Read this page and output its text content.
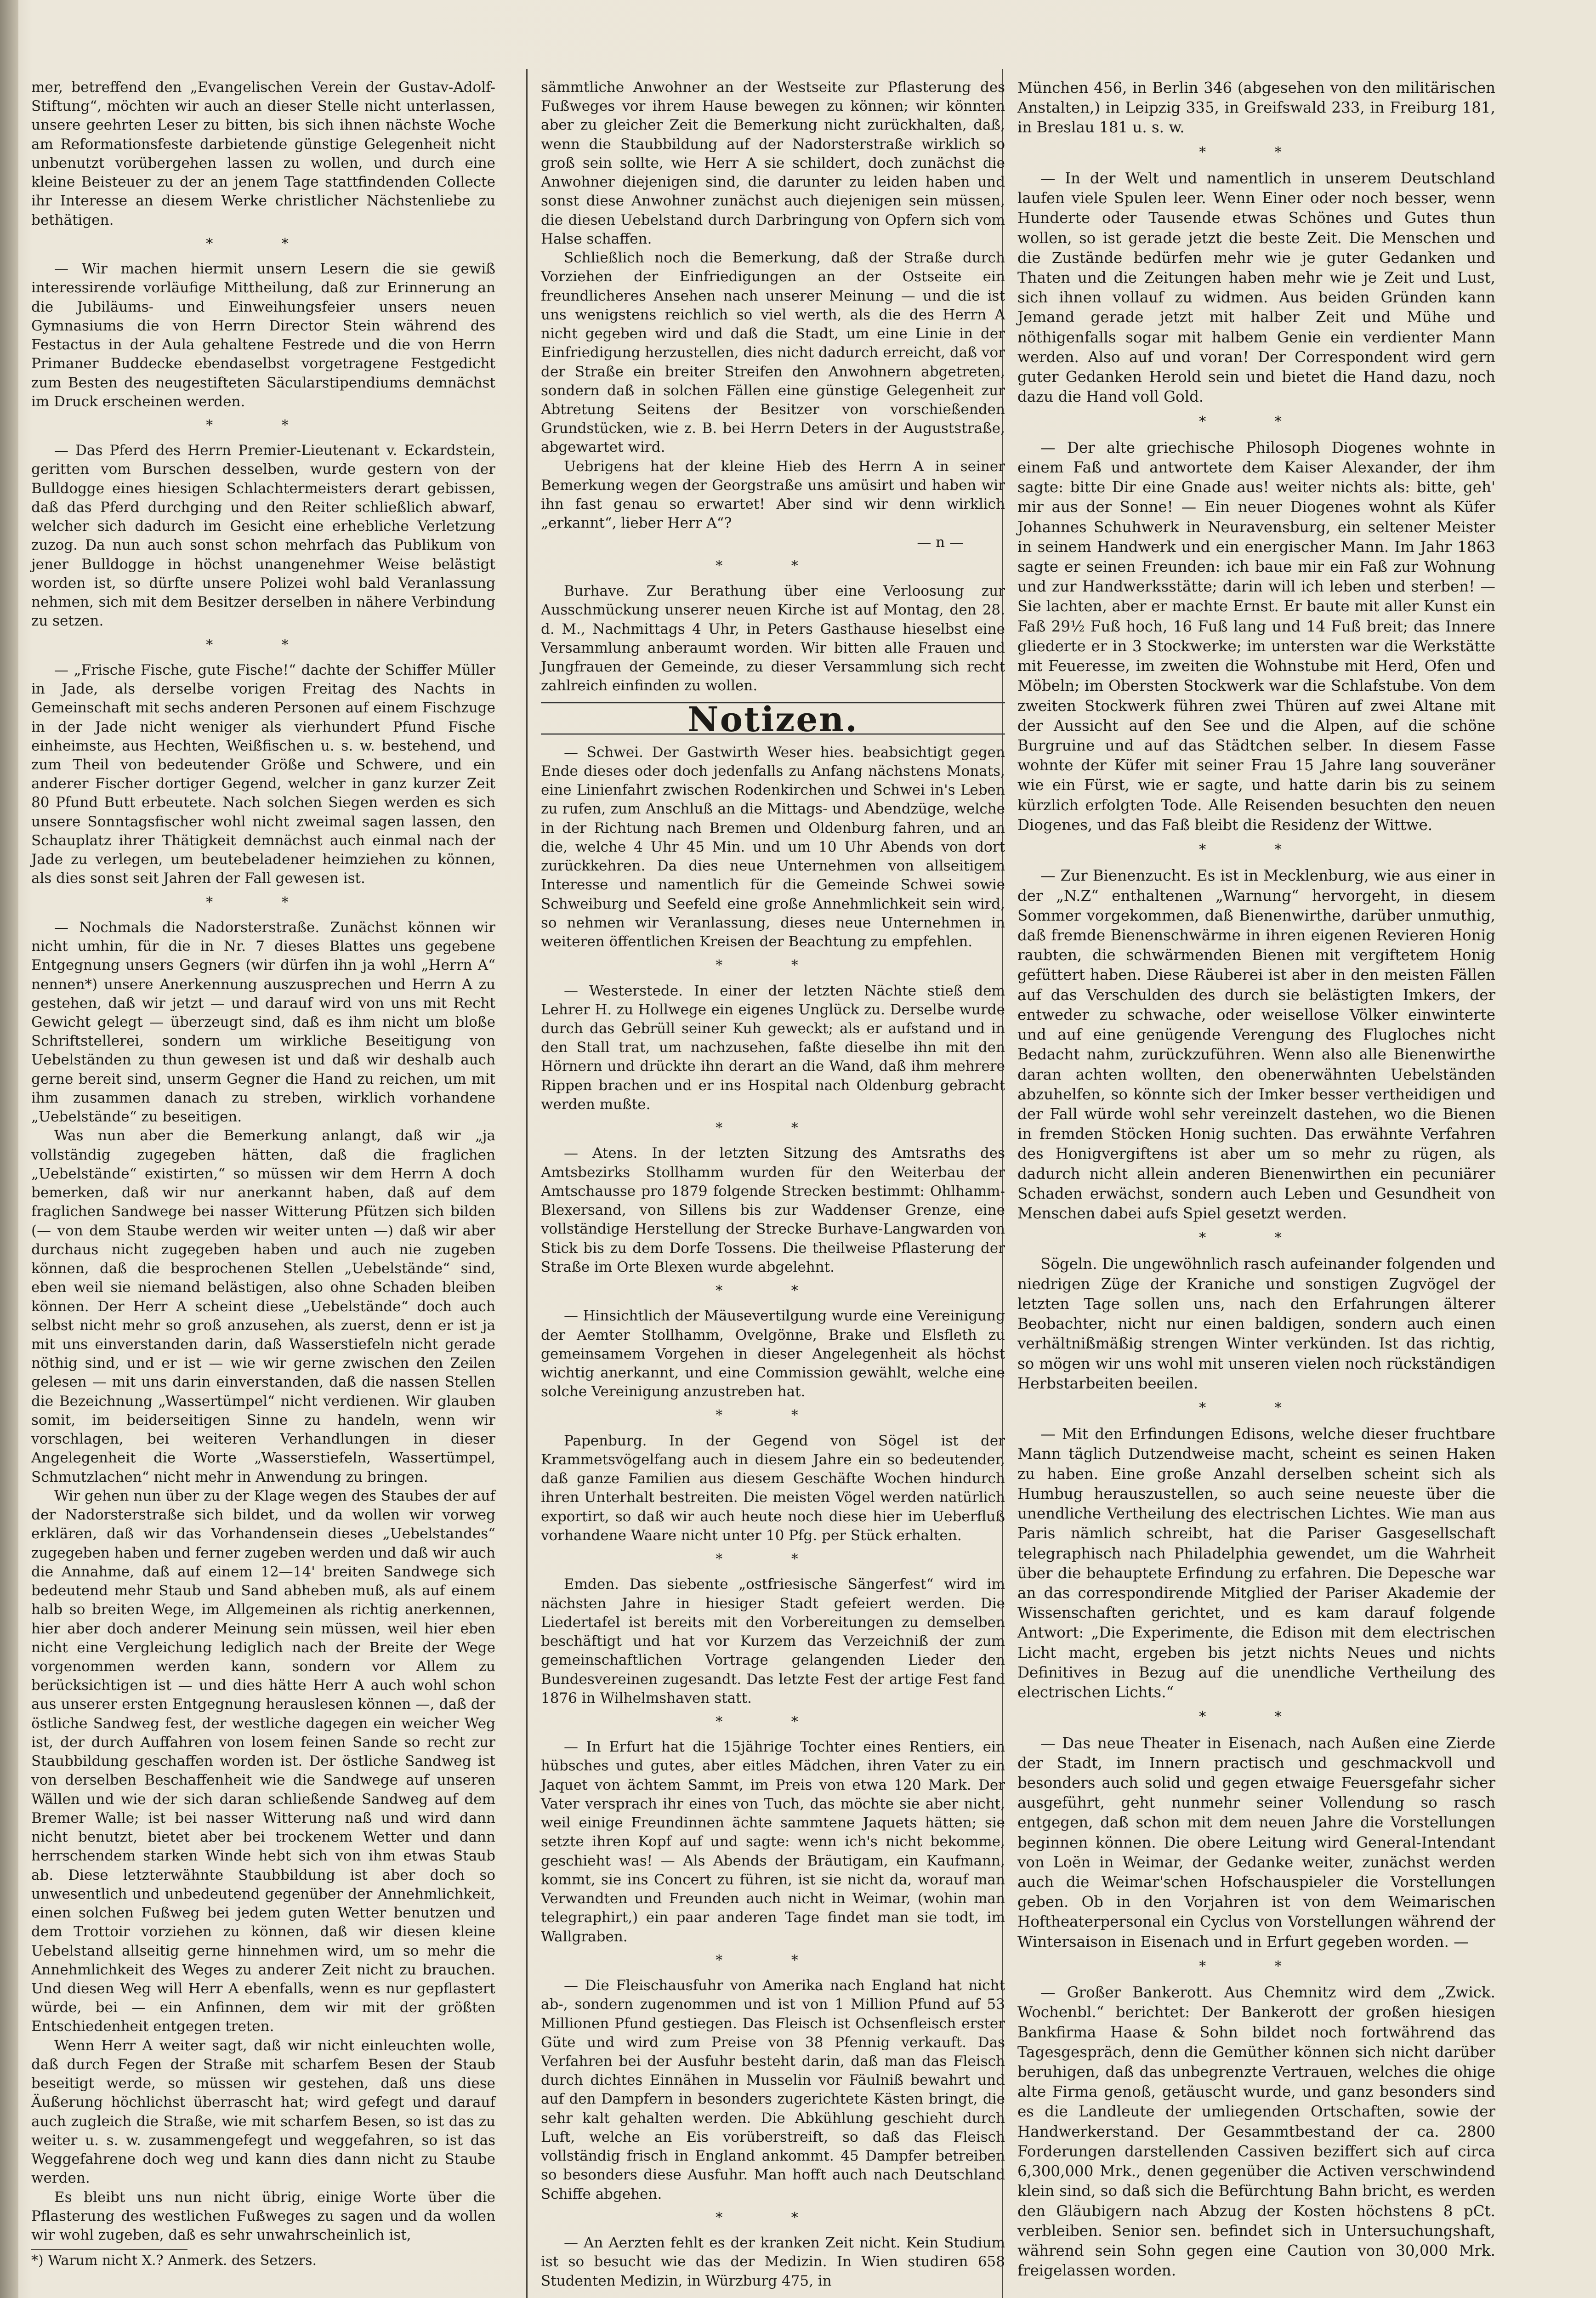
mer, betreffend den „Evangelischen Verein der Gustav-Adolf-Stiftung“, möchten wir auch an dieser Stelle nicht unterlassen, unsere geehrten Leser zu bitten, bis sich ihnen nächste Woche am Reformationsfeste darbietende günstige Gelegenheit nicht unbenutzt vorübergehen lassen zu wollen, und durch eine kleine Beisteuer zu der an jenem Tage stattfindenden Collecte ihr Interesse an diesem Werke christlicher Nächstenliebe zu bethätigen.

* *

— Wir machen hiermit unsern Lesern die sie gewiß interessirende vorläufige Mittheilung, daß zur Erinnerung an die Jubiläums- und Einweihungsfeier unsers neuen Gymnasiums die von Herrn Director Stein während des Festactus in der Aula gehaltene Festrede und die von Herrn Primaner Buddecke ebendaselbst vorgetragene Festgedicht zum Besten des neugestifteten Säcularstipendiums demnächst im Druck erscheinen werden.

* *

— Das Pferd des Herrn Premier-Lieutenant v. Eckardstein, geritten vom Burschen desselben, wurde gestern von der Bulldogge eines hiesigen Schlachtermeisters derart gebissen, daß das Pferd durchging und den Reiter schließlich abwarf, welcher sich dadurch im Gesicht eine erhebliche Verletzung zuzog. Da nun auch sonst schon mehrfach das Publikum von jener Bulldogge in höchst unangenehmer Weise belästigt worden ist, so dürfte unsere Polizei wohl bald Veranlassung nehmen, sich mit dem Besitzer derselben in nähere Verbindung zu setzen.

* *

— „Frische Fische, gute Fische!“ dachte der Schiffer Müller in Jade, als derselbe vorigen Freitag des Nachts in Gemeinschaft mit sechs anderen Personen auf einem Fischzuge in der Jade nicht weniger als vierhundert Pfund Fische einheimste, aus Hechten, Weißfischen u. s. w. bestehend, und zum Theil von bedeutender Größe und Schwere, und ein anderer Fischer dortiger Gegend, welcher in ganz kurzer Zeit 80 Pfund Butt erbeutete. Nach solchen Siegen werden es sich unsere Sonntagsfischer wohl nicht zweimal sagen lassen, den Schauplatz ihrer Thätigkeit demnächst auch einmal nach der Jade zu verlegen, um beutebeladener heimziehen zu können, als dies sonst seit Jahren der Fall gewesen ist.

* *

— Nochmals die Nadorsterstraße. Zunächst können wir nicht umhin, für die in Nr. 7 dieses Blattes uns gegebene Entgegnung unsers Gegners (wir dürfen ihn ja wohl „Herrn A“ nennen*) unsere Anerkennung auszusprechen und Herrn A zu gestehen, daß wir jetzt — und darauf wird von uns mit Recht Gewicht gelegt — überzeugt sind, daß es ihm nicht um bloße Schriftstellerei, sondern um wirkliche Beseitigung von Uebelständen zu thun gewesen ist und daß wir deshalb auch gerne bereit sind, unserm Gegner die Hand zu reichen, um mit ihm zusammen danach zu streben, wirklich vorhandene „Uebelstände“ zu beseitigen.

Was nun aber die Bemerkung anlangt, daß wir „ja vollständig zugegeben hätten, daß die fraglichen „Uebelstände“ existirten,“ so müssen wir dem Herrn A doch bemerken, daß wir nur anerkannt haben, daß auf dem fraglichen Sandwege bei nasser Witterung Pfützen sich bilden (— von dem Staube werden wir weiter unten —) daß wir aber durchaus nicht zugegeben haben und auch nie zugeben können, daß die besprochenen Stellen „Uebelstände“ sind, eben weil sie niemand belästigen, also ohne Schaden bleiben können. Der Herr A scheint diese „Uebelstände“ doch auch selbst nicht mehr so groß anzusehen, als zuerst, denn er ist ja mit uns einverstanden darin, daß Wasserstiefeln nicht gerade nöthig sind, und er ist — wie wir gerne zwischen den Zeilen gelesen — mit uns darin einverstanden, daß die nassen Stellen die Bezeichnung „Wassertümpel“ nicht verdienen. Wir glauben somit, im beiderseitigen Sinne zu handeln, wenn wir vorschlagen, bei weiteren Verhandlungen in dieser Angelegenheit die Worte „Wasserstiefeln, Wassertümpel, Schmutzlachen“ nicht mehr in Anwendung zu bringen.

Wir gehen nun über zu der Klage wegen des Staubes der auf der Nadorsterstraße sich bildet, und da wollen wir vorweg erklären, daß wir das Vorhandensein dieses „Uebelstandes“ zugegeben haben und ferner zugeben werden und daß wir auch die Annahme, daß auf einem 12—14' breiten Sandwege sich bedeutend mehr Staub und Sand abheben muß, als auf einem halb so breiten Wege, im Allgemeinen als richtig anerkennen, hier aber doch anderer Meinung sein müssen, weil hier eben nicht eine Vergleichung lediglich nach der Breite der Wege vorgenommen werden kann, sondern vor Allem zu berücksichtigen ist — und dies hätte Herr A auch wohl schon aus unserer ersten Entgegnung herauslesen können —, daß der östliche Sandweg fest, der westliche dagegen ein weicher Weg ist, der durch Auffahren von losem feinen Sande so recht zur Staubbildung geschaffen worden ist. Der östliche Sandweg ist von derselben Beschaffenheit wie die Sandwege auf unseren Wällen und wie der sich daran schließende Sandweg auf dem Bremer Walle; ist bei nasser Witterung naß und wird dann nicht benutzt, bietet aber bei trockenem Wetter und dann herrschendem starken Winde hebt sich von ihm etwas Staub ab. Diese letzterwähnte Staubbildung ist aber doch so unwesentlich und unbedeutend gegenüber der Annehmlichkeit, einen solchen Fußweg bei jedem guten Wetter benutzen und dem Trottoir vorziehen zu können, daß wir diesen kleine Uebelstand allseitig gerne hinnehmen wird, um so mehr die Annehmlichkeit des Weges zu anderer Zeit nicht zu brauchen. Und diesen Weg will Herr A ebenfalls, wenn es nur gepflastert würde, bei — ein Anfinnen, dem wir mit der größten Entschiedenheit entgegen treten.

Wenn Herr A weiter sagt, daß wir nicht einleuchten wolle, daß durch Fegen der Straße mit scharfem Besen der Staub beseitigt werde, so müssen wir gestehen, daß uns diese Äußerung höchlichst überrascht hat; wird gefegt und darauf auch zugleich die Straße, wie mit scharfem Besen, so ist das zu weiter u. s. w. zusammengefegt und weggefahren, so ist das Weggefahrene doch weg und kann dies dann nicht zu Staube werden.

Es bleibt uns nun nicht übrig, einige Worte über die Pflasterung des westlichen Fußweges zu sagen und da wollen wir wohl zugeben, daß es sehr unwahrscheinlich ist,

*) Warum nicht X.? Anmerk. des Setzers.

sämmtliche Anwohner an der Westseite zur Pflasterung des Fußweges vor ihrem Hause bewegen zu können; wir könnten aber zu gleicher Zeit die Bemerkung nicht zurückhalten, daß, wenn die Staubbildung auf der Nadorsterstraße wirklich so groß sein sollte, wie Herr A sie schildert, doch zunächst die Anwohner diejenigen sind, die darunter zu leiden haben und sonst diese Anwohner zunächst auch diejenigen sein müssen, die diesen Uebelstand durch Darbringung von Opfern sich vom Halse schaffen.

Schließlich noch die Bemerkung, daß der Straße durch Vorziehen der Einfriedigungen an der Ostseite ein freundlicheres Ansehen nach unserer Meinung — und die ist uns wenigstens reichlich so viel werth, als die des Herrn A nicht gegeben wird und daß die Stadt, um eine Linie in der Einfriedigung herzustellen, dies nicht dadurch erreicht, daß vor der Straße ein breiter Streifen den Anwohnern abgetreten, sondern daß in solchen Fällen eine günstige Gelegenheit zur Abtretung Seitens der Besitzer von vorschießenden Grundstücken, wie z. B. bei Herrn Deters in der Auguststraße, abgewartet wird.

Uebrigens hat der kleine Hieb des Herrn A in seiner Bemerkung wegen der Georgstraße uns amüsirt und haben wir ihn fast genau so erwartet! Aber sind wir denn wirklich „erkannt“, lieber Herr A“?

— n —
* *

Burhave. Zur Berathung über eine Verloosung zur Ausschmückung unserer neuen Kirche ist auf Montag, den 28. d. M., Nachmittags 4 Uhr, in Peters Gasthause hieselbst eine Versammlung anberaumt worden. Wir bitten alle Frauen und Jungfrauen der Gemeinde, zu dieser Versammlung sich recht zahlreich einfinden zu wollen.

Notizen.

— Schwei. Der Gastwirth Weser hies. beabsichtigt gegen Ende dieses oder doch jedenfalls zu Anfang nächstens Monats, eine Linienfahrt zwischen Rodenkirchen und Schwei in's Leben zu rufen, zum Anschluß an die Mittags- und Abendzüge, welche in der Richtung nach Bremen und Oldenburg fahren, und an die, welche 4 Uhr 45 Min. und um 10 Uhr Abends von dort zurückkehren. Da dies neue Unternehmen von allseitigem Interesse und namentlich für die Gemeinde Schwei sowie Schweiburg und Seefeld eine große Annehmlichkeit sein wird, so nehmen wir Veranlassung, dieses neue Unternehmen in weiteren öffentlichen Kreisen der Beachtung zu empfehlen.

* *

— Westerstede. In einer der letzten Nächte stieß dem Lehrer H. zu Hollwege ein eigenes Unglück zu. Derselbe wurde durch das Gebrüll seiner Kuh geweckt; als er aufstand und in den Stall trat, um nachzusehen, faßte dieselbe ihn mit den Hörnern und drückte ihn derart an die Wand, daß ihm mehrere Rippen brachen und er ins Hospital nach Oldenburg gebracht werden mußte.

* *

— Atens. In der letzten Sitzung des Amtsraths des Amtsbezirks Stollhamm wurden für den Weiterbau der Amtschausse pro 1879 folgende Strecken bestimmt: Ohlhamm-Blexersand, von Sillens bis zur Waddenser Grenze, eine vollständige Herstellung der Strecke Burhave-Langwarden von Stick bis zu dem Dorfe Tossens. Die theilweise Pflasterung der Straße im Orte Blexen wurde abgelehnt.

* *

— Hinsichtlich der Mäusevertilgung wurde eine Vereinigung der Aemter Stollhamm, Ovelgönne, Brake und Elsfleth zu gemeinsamem Vorgehen in dieser Angelegenheit als höchst wichtig anerkannt, und eine Commission gewählt, welche eine solche Vereinigung anzustreben hat.

* *

Papenburg. In der Gegend von Sögel ist der Krammetsvögelfang auch in diesem Jahre ein so bedeutender, daß ganze Familien aus diesem Geschäfte Wochen hindurch ihren Unterhalt bestreiten. Die meisten Vögel werden natürlich exportirt, so daß wir auch heute noch diese hier im Ueberfluß vorhandene Waare nicht unter 10 Pfg. per Stück erhalten.

* *

Emden. Das siebente „ostfriesische Sängerfest“ wird im nächsten Jahre in hiesiger Stadt gefeiert werden. Die Liedertafel ist bereits mit den Vorbereitungen zu demselben beschäftigt und hat vor Kurzem das Verzeichniß der zum gemeinschaftlichen Vortrage gelangenden Lieder den Bundesvereinen zugesandt. Das letzte Fest der artige Fest fand 1876 in Wilhelmshaven statt.

* *

— In Erfurt hat die 15jährige Tochter eines Rentiers, ein hübsches und gutes, aber eitles Mädchen, ihren Vater zu ein Jaquet von ächtem Sammt, im Preis von etwa 120 Mark. Der Vater versprach ihr eines von Tuch, das möchte sie aber nicht, weil einige Freundinnen ächte sammtene Jaquets hätten; sie setzte ihren Kopf auf und sagte: wenn ich's nicht bekomme, geschieht was! — Als Abends der Bräutigam, ein Kaufmann, kommt, sie ins Concert zu führen, ist sie nicht da, worauf man Verwandten und Freunden auch nicht in Weimar, (wohin man telegraphirt,) ein paar anderen Tage findet man sie todt, im Wallgraben.

* *

— Die Fleischausfuhr von Amerika nach England hat nicht ab-, sondern zugenommen und ist von 1 Million Pfund auf 53 Millionen Pfund gestiegen. Das Fleisch ist Ochsenfleisch erster Güte und wird zum Preise von 38 Pfennig verkauft. Das Verfahren bei der Ausfuhr besteht darin, daß man das Fleisch durch dichtes Einnähen in Musselin vor Fäulniß bewahrt und auf den Dampfern in besonders zugerichtete Kästen bringt, die sehr kalt gehalten werden. Die Abkühlung geschieht durch Luft, welche an Eis vorüberstreift, so daß das Fleisch vollständig frisch in England ankommt. 45 Dampfer betreiben so besonders diese Ausfuhr. Man hofft auch nach Deutschland Schiffe abgehen.

* *

— An Aerzten fehlt es der kranken Zeit nicht. Kein Studium ist so besucht wie das der Medizin. In Wien studiren 658 Studenten Medizin, in Würzburg 475, in

München 456, in Berlin 346 (abgesehen von den militärischen Anstalten,) in Leipzig 335, in Greifswald 233, in Freiburg 181, in Breslau 181 u. s. w.

* *

— In der Welt und namentlich in unserem Deutschland laufen viele Spulen leer. Wenn Einer oder noch besser, wenn Hunderte oder Tausende etwas Schönes und Gutes thun wollen, so ist gerade jetzt die beste Zeit. Die Menschen und die Zustände bedürfen mehr wie je guter Gedanken und Thaten und die Zeitungen haben mehr wie je Zeit und Lust, sich ihnen vollauf zu widmen. Aus beiden Gründen kann Jemand gerade jetzt mit halber Zeit und Mühe und nöthigenfalls sogar mit halbem Genie ein verdienter Mann werden. Also auf und voran! Der Correspondent wird gern guter Gedanken Herold sein und bietet die Hand dazu, noch dazu die Hand voll Gold.

* *

— Der alte griechische Philosoph Diogenes wohnte in einem Faß und antwortete dem Kaiser Alexander, der ihm sagte: bitte Dir eine Gnade aus! weiter nichts als: bitte, geh' mir aus der Sonne! — Ein neuer Diogenes wohnt als Küfer Johannes Schuhwerk in Neuravensburg, ein seltener Meister in seinem Handwerk und ein energischer Mann. Im Jahr 1863 sagte er seinen Freunden: ich baue mir ein Faß zur Wohnung und zur Handwerksstätte; darin will ich leben und sterben! — Sie lachten, aber er machte Ernst. Er baute mit aller Kunst ein Faß 29½ Fuß hoch, 16 Fuß lang und 14 Fuß breit; das Innere gliederte er in 3 Stockwerke; im untersten war die Werkstätte mit Feueresse, im zweiten die Wohnstube mit Herd, Ofen und Möbeln; im Obersten Stockwerk war die Schlafstube. Von dem zweiten Stockwerk führen zwei Thüren auf zwei Altane mit der Aussicht auf den See und die Alpen, auf die schöne Burgruine und auf das Städtchen selber. In diesem Fasse wohnte der Küfer mit seiner Frau 15 Jahre lang souveräner wie ein Fürst, wie er sagte, und hatte darin bis zu seinem kürzlich erfolgten Tode. Alle Reisenden besuchten den neuen Diogenes, und das Faß bleibt die Residenz der Wittwe.

* *

— Zur Bienenzucht. Es ist in Mecklenburg, wie aus einer in der „N.Z“ enthaltenen „Warnung“ hervorgeht, in diesem Sommer vorgekommen, daß Bienenwirthe, darüber unmuthig, daß fremde Bienenschwärme in ihren eigenen Revieren Honig raubten, die schwärmenden Bienen mit vergiftetem Honig gefüttert haben. Diese Räuberei ist aber in den meisten Fällen auf das Verschulden des durch sie belästigten Imkers, der entweder zu schwache, oder weisellose Völker einwinterte und auf eine genügende Verengung des Flugloches nicht Bedacht nahm, zurückzuführen. Wenn also alle Bienenwirthe daran achten wollten, den obenerwähnten Uebelständen abzuhelfen, so könnte sich der Imker besser vertheidigen und der Fall würde wohl sehr vereinzelt dastehen, wo die Bienen in fremden Stöcken Honig suchten. Das erwähnte Verfahren des Honigvergiftens ist aber um so mehr zu rügen, als dadurch nicht allein anderen Bienenwirthen ein pecuniärer Schaden erwächst, sondern auch Leben und Gesundheit von Menschen dabei aufs Spiel gesetzt werden.

* *

Sögeln. Die ungewöhnlich rasch aufeinander folgenden und niedrigen Züge der Kraniche und sonstigen Zugvögel der letzten Tage sollen uns, nach den Erfahrungen älterer Beobachter, nicht nur einen baldigen, sondern auch einen verhältnißmäßig strengen Winter verkünden. Ist das richtig, so mögen wir uns wohl mit unseren vielen noch rückständigen Herbstarbeiten beeilen.

* *

— Mit den Erfindungen Edisons, welche dieser fruchtbare Mann täglich Dutzendweise macht, scheint es seinen Haken zu haben. Eine große Anzahl derselben scheint sich als Humbug herauszustellen, so auch seine neueste über die unendliche Vertheilung des electrischen Lichtes. Wie man aus Paris nämlich schreibt, hat die Pariser Gasgesellschaft telegraphisch nach Philadelphia gewendet, um die Wahrheit über die behauptete Erfindung zu erfahren. Die Depesche war an das correspondirende Mitglied der Pariser Akademie der Wissenschaften gerichtet, und es kam darauf folgende Antwort: „Die Experimente, die Edison mit dem electrischen Licht macht, ergeben bis jetzt nichts Neues und nichts Definitives in Bezug auf die unendliche Vertheilung des electrischen Lichts.“

* *

— Das neue Theater in Eisenach, nach Außen eine Zierde der Stadt, im Innern practisch und geschmackvoll und besonders auch solid und gegen etwaige Feuersgefahr sicher ausgeführt, geht nunmehr seiner Vollendung so rasch entgegen, daß schon mit dem neuen Jahre die Vorstellungen beginnen können. Die obere Leitung wird General-Intendant von Loën in Weimar, der Gedanke weiter, zunächst werden auch die Weimar'schen Hofschauspieler die Vorstellungen geben. Ob in den Vorjahren ist von dem Weimarischen Hoftheaterpersonal ein Cyclus von Vorstellungen während der Wintersaison in Eisenach und in Erfurt gegeben worden. —

* *

— Großer Bankerott. Aus Chemnitz wird dem „Zwick. Wochenbl.“ berichtet: Der Bankerott der großen hiesigen Bankfirma Haase & Sohn bildet noch fortwährend das Tagesgespräch, denn die Gemüther können sich nicht darüber beruhigen, daß das unbegrenzte Vertrauen, welches die ohige alte Firma genoß, getäuscht wurde, und ganz besonders sind es die Landleute der umliegenden Ortschaften, sowie der Handwerkerstand. Der Gesammtbestand der ca. 2800 Forderungen darstellenden Cassiven beziffert sich auf circa 6,300,000 Mrk., denen gegenüber die Activen verschwindend klein sind, so daß sich die Befürchtung Bahn bricht, es werden den Gläubigern nach Abzug der Kosten höchstens 8 pCt. verbleiben. Senior sen. befindet sich in Untersuchungshaft, während sein Sohn gegen eine Caution von 30,000 Mrk. freigelassen worden.
